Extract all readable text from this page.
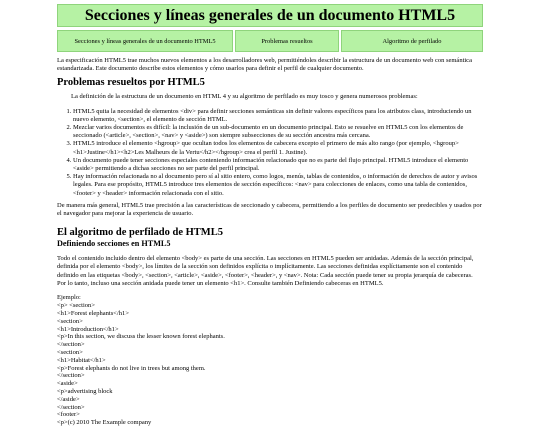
Secciones y líneas generales de un documento HTML5
Secciones y líneas generales de un documento HTML5	Problemas resueltos	Algoritmo de perfilado

La especificación HTML5 trae muchos nuevos elementos a los desarrolladores web, permitiéndoles describir la estructura de un documento web con semántica estandarizada. Este documento describe estos elementos y cómo usarlos para definir el perfil de cualquier documento.

Problemas resueltos por HTML5

La definición de la estructura de un documento en HTML 4 y su algoritmo de perfilado es muy tosco y genera numerosos problemas:

1. HTML5 quita la necesidad de elementos <div> para definir secciones semánticas sin definir valores específicos para los atributos class, introduciendo un nuevo elemento, <section>, el elemento de sección HTML.
2. Mezclar varios documentos es difícil: la inclusión de un sub-documento en un documento principal. Esto se resuelve en HTML5 con los elementos de seccionado (<article>, <section>, <nav> y <aside>) son siempre subsecciones de su sección ancestra más cercana.
3. HTML5 introduce el elemento <hgroup> que ocultan todos los elementos de cabecera excepto el primero de más alto rango (por ejemplo, <hgroup><h1>Justine</h1><h2>Les Malheurs de la Vertu</h2></hgroup> crea el perfil 1. Justine).
4. Un documento puede tener secciones especiales conteniendo información relacionado que no es parte del flujo principal. HTML5 introduce el elemento <aside> permitiendo a dichas secciones no ser parte del perfil principal.
5. Hay información relacionada no al documento pero sí al sitio entero, como logos, menús, tablas de contenidos, o información de derechos de autor y avisos legales. Para ese propósito, HTML5 introduce tres elementos de sección específicos: <nav> para colecciones de enlaces, como una tabla de contenidos, <footer> y <header> información relacionada con el sitio.

De manera más general, HTML5 trae precisión a las características de seccionado y cabecera, permitiendo a los perfiles de documento ser predecibles y usados por el navegador para mejorar la experiencia de usuario.

El algoritmo de perfilado de HTML5
Definiendo secciones en HTML5

Todo el contenido incluido dentro del elemento <body> es parte de una sección. Las secciones en HTML5 pueden ser anidadas. Además de la sección principal, definida por el elemento <body>, los límites de la sección son definidos explícita o implícitamente. Las secciones definidas explícitamente son el contenido definido en las etiquetas <body>, <section>, <article>, <aside>, <footer>, <header>, y <nav>. Nota: Cada sección puede tener su propia jerarquía de cabeceras. Por lo tanto, incluso una sección anidada puede tener un elemento <h1>. Consulte también Definiendo cabeceras en HTML5.

Ejemplo:

<p> <section>
<h1>Forest elephants</h1>
<section>
<h1>Introduction</h1>
<p>In this section, we discuss the lesser known forest elephants.
</section>
<section>
<h1>Habitat</h1>
<p>Forest elephants do not live in trees but among them.
</section>
<aside>
<p>advertising block
</aside>
</section>
<footer>
<p>(c) 2010 The Example company
